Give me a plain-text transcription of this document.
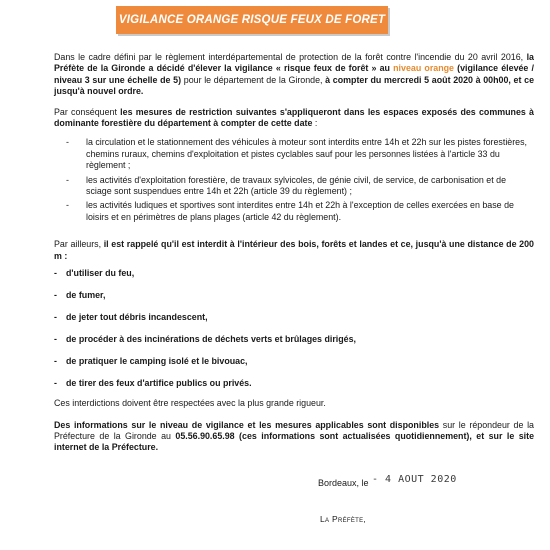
VIGILANCE ORANGE RISQUE FEUX DE FORET

Dans le cadre défini par le règlement interdépartemental de protection de la forêt contre l'incendie du 20 avril 2016, la Préfète de la Gironde a décidé d'élever la vigilance « risque feux de forêt » au niveau orange (vigilance élevée / niveau 3 sur une échelle de 5) pour le département de la Gironde, à compter du mercredi 5 août 2020 à 00h00, et ce jusqu'à nouvel ordre.

Par conséquent les mesures de restriction suivantes s'appliqueront dans les espaces exposés des communes à dominante forestière du département à compter de cette date :

- la circulation et le stationnement des véhicules à moteur sont interdits entre 14h et 22h sur les pistes forestières, chemins ruraux, chemins d'exploitation et pistes cyclables sauf pour les personnes listées à l'article 33 du règlement ;
- les activités d'exploitation forestière, de travaux sylvicoles, de génie civil, de service, de carbonisation et de sciage sont suspendues entre 14h et 22h (article 39 du règlement) ;
- les activités ludiques et sportives sont interdites entre 14h et 22h à l'exception de celles exercées en base de loisirs et en périmètres de plans plages (article 42 du règlement).

Par ailleurs, il est rappelé qu'il est interdit à l'intérieur des bois, forêts et landes et ce, jusqu'à une distance de 200 m :

- d'utiliser du feu,
- de fumer,
- de jeter tout débris incandescent,
- de procéder à des incinérations de déchets verts et brûlages dirigés,
- de pratiquer le camping isolé et le bivouac,
- de tirer des feux d'artifice publics ou privés.

Ces interdictions doivent être respectées avec la plus grande rigueur.

Des informations sur le niveau de vigilance et les mesures applicables sont disponibles sur le répondeur de la Préfecture de la Gironde au 05.56.90.65.98 (ces informations sont actualisées quotidiennement), et sur le site internet de la Préfecture.

Bordeaux, le - 4 AOUT 2020
La Préfète,
